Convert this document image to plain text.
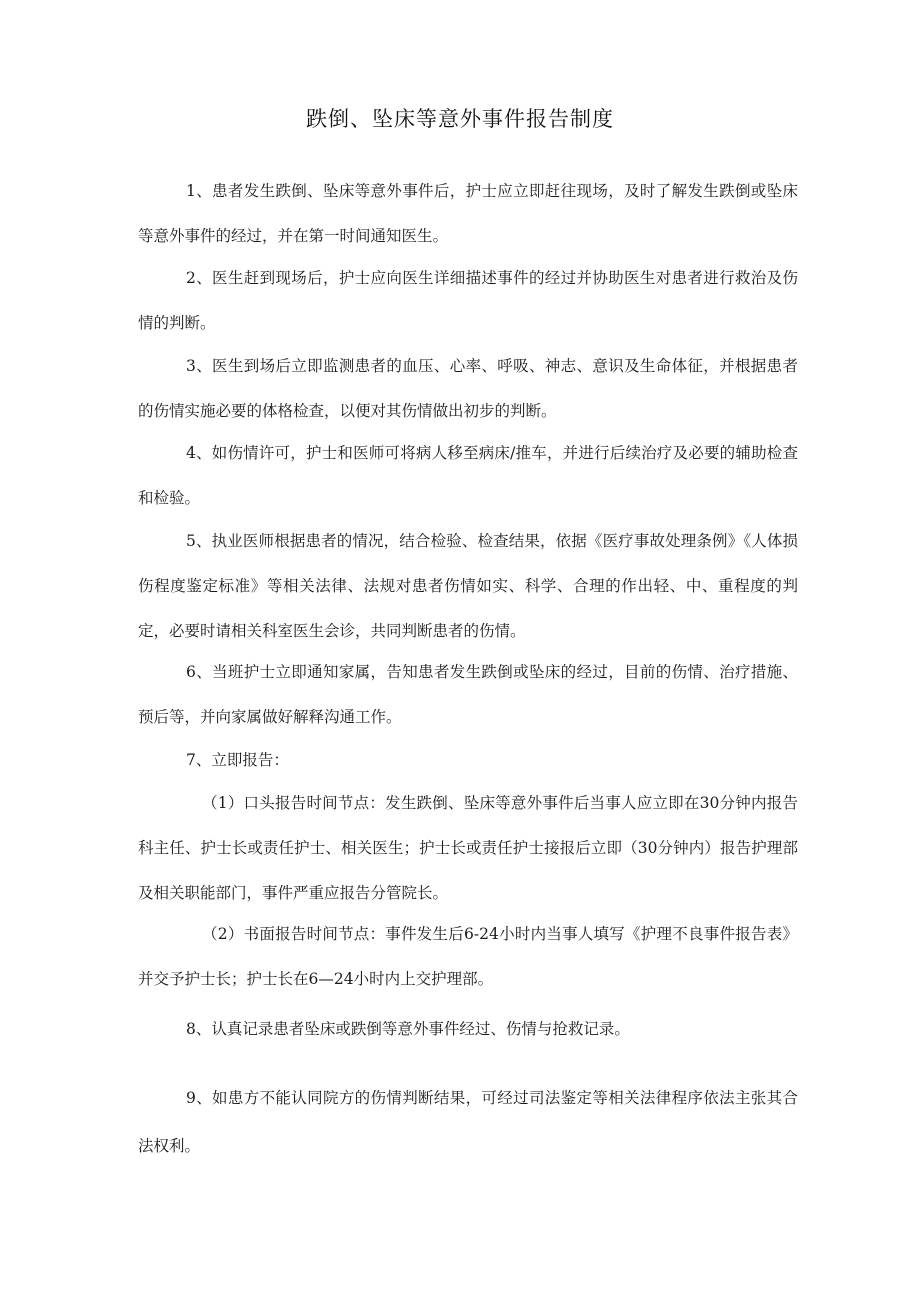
跌倒、坠床等意外事件报告制度

1、患者发生跌倒、坠床等意外事件后，护士应立即赶往现场，及时了解发生跌倒或坠床等意外事件的经过，并在第一时间通知医生。

2、医生赶到现场后，护士应向医生详细描述事件的经过并协助医生对患者进行救治及伤情的判断。

3、医生到场后立即监测患者的血压、心率、呼吸、神志、意识及生命体征，并根据患者的伤情实施必要的体格检查，以便对其伤情做出初步的判断。

4、如伤情许可，护士和医师可将病人移至病床/推车，并进行后续治疗及必要的辅助检查和检验。

5、执业医师根据患者的情况，结合检验、检查结果，依据《医疗事故处理条例》《人体损伤程度鉴定标准》等相关法律、法规对患者伤情如实、科学、合理的作出轻、中、重程度的判定，必要时请相关科室医生会诊，共同判断患者的伤情。

6、当班护士立即通知家属，告知患者发生跌倒或坠床的经过，目前的伤情、治疗措施、预后等，并向家属做好解释沟通工作。

7、立即报告：

（1）口头报告时间节点：发生跌倒、坠床等意外事件后当事人应立即在30分钟内报告科主任、护士长或责任护士、相关医生；护士长或责任护士接报后立即（30分钟内）报告护理部及相关职能部门，事件严重应报告分管院长。

（2）书面报告时间节点：事件发生后6-24小时内当事人填写《护理不良事件报告表》并交予护士长；护士长在6—24小时内上交护理部。

8、认真记录患者坠床或跌倒等意外事件经过、伤情与抢救记录。

9、如患方不能认同院方的伤情判断结果，可经过司法鉴定等相关法律程序依法主张其合法权利。
